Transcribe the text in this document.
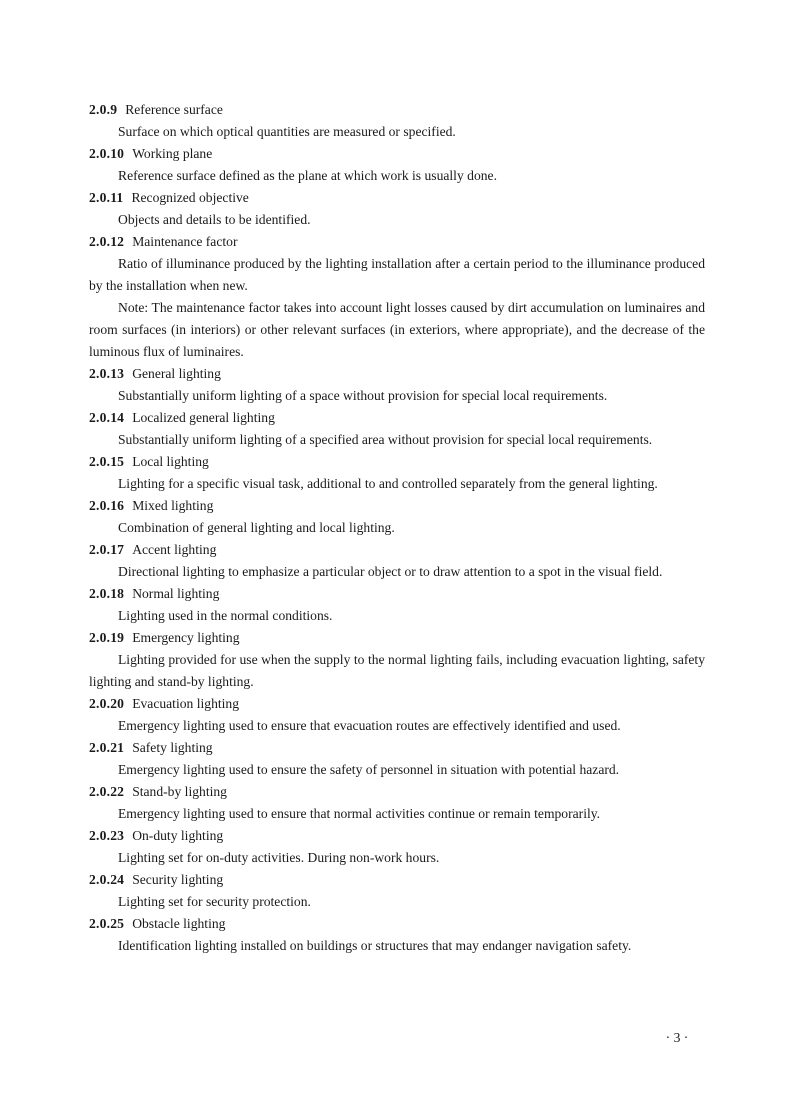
2.0.9 Reference surface

Surface on which optical quantities are measured or specified.

2.0.10 Working plane

Reference surface defined as the plane at which work is usually done.

2.0.11 Recognized objective

Objects and details to be identified.

2.0.12 Maintenance factor

Ratio of illuminance produced by the lighting installation after a certain period to the illuminance produced by the installation when new.

Note: The maintenance factor takes into account light losses caused by dirt accumulation on luminaires and room surfaces (in interiors) or other relevant surfaces (in exteriors, where appropriate), and the decrease of the luminous flux of luminaires.

2.0.13 General lighting

Substantially uniform lighting of a space without provision for special local requirements.

2.0.14 Localized general lighting

Substantially uniform lighting of a specified area without provision for special local requirements.

2.0.15 Local lighting

Lighting for a specific visual task, additional to and controlled separately from the general lighting.

2.0.16 Mixed lighting

Combination of general lighting and local lighting.

2.0.17 Accent lighting

Directional lighting to emphasize a particular object or to draw attention to a spot in the visual field.

2.0.18 Normal lighting

Lighting used in the normal conditions.

2.0.19 Emergency lighting

Lighting provided for use when the supply to the normal lighting fails, including evacuation lighting, safety lighting and stand-by lighting.

2.0.20 Evacuation lighting

Emergency lighting used to ensure that evacuation routes are effectively identified and used.

2.0.21 Safety lighting

Emergency lighting used to ensure the safety of personnel in situation with potential hazard.

2.0.22 Stand-by lighting

Emergency lighting used to ensure that normal activities continue or remain temporarily.

2.0.23 On-duty lighting

Lighting set for on-duty activities. During non-work hours.

2.0.24 Security lighting

Lighting set for security protection.

2.0.25 Obstacle lighting

Identification lighting installed on buildings or structures that may endanger navigation safety.

· 3 ·
